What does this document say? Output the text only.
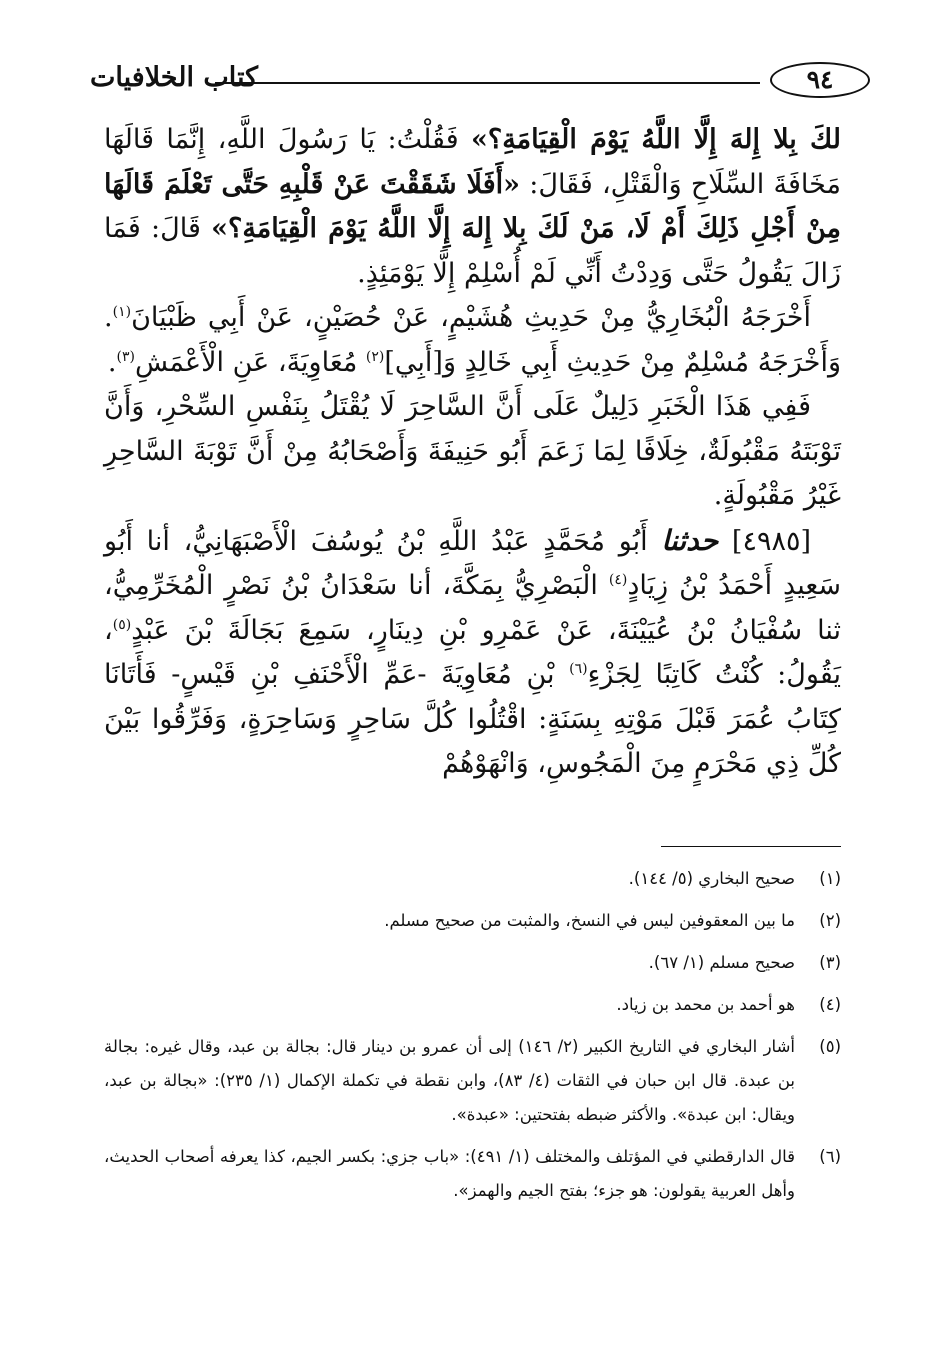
كتاب الخلافيات	٩٤

لكَ بِلا إِلهَ إِلَّا اللَّهُ يَوْمَ الْقِيَامَةِ؟» فَقُلْتُ: يَا رَسُولَ اللَّهِ، إِنَّمَا قَالَهَا مَخَافَةَ السِّلَاحِ وَالْقَتْلِ، فَقَالَ: «أَفَلَا شَقَقْتَ عَنْ قَلْبِهِ حَتَّى تَعْلَمَ قَالَهَا مِنْ أَجْلِ ذَلِكَ أَمْ لَا، مَنْ لَكَ بِلا إِلهَ إِلَّا اللَّهُ يَوْمَ الْقِيَامَةِ؟» قَالَ: فَمَا زَالَ يَقُولُ حَتَّى وَدِدْتُ أَنِّي لَمْ أُسْلِمْ إِلَّا يَوْمَئِذٍ.

أَخْرَجَهُ الْبُخَارِيُّ مِنْ حَدِيثِ هُشَيْمٍ، عَنْ حُصَيْنٍ، عَنْ أَبِي ظَبْيَانَ$^{(١)}$. وَأَخْرَجَهُ مُسْلِمٌ مِنْ حَدِيثِ أَبِي خَالِدٍ وَ[أَبِي]$^{(٢)}$ مُعَاوِيَةَ، عَنِ الْأَعْمَشِ$^{(٣)}$.

فَفِي هَذَا الْخَبَرِ دَلِيلٌ عَلَى أَنَّ السَّاحِرَ لَا يُقْتَلُ بِنَفْسِ السِّحْرِ، وَأَنَّ تَوْبَتَهُ مَقْبُولَةٌ، خِلَافًا لِمَا زَعَمَ أَبُو حَنِيفَةَ وَأَصْحَابُهُ مِنْ أَنَّ تَوْبَةَ السَّاحِرِ غَيْرُ مَقْبُولَةٍ.

[٤٩٨٥] حدثنا أَبُو مُحَمَّدٍ عَبْدُ اللَّهِ بْنُ يُوسُفَ الْأَصْبَهَانِيُّ، أنا أَبُو سَعِيدٍ أَحْمَدُ بْنُ زِيَادٍ$^{(٤)}$ الْبَصْرِيُّ بِمَكَّةَ، أنا سَعْدَانُ بْنُ نَصْرٍ الْمُخَرِّمِيُّ، ثنا سُفْيَانُ بْنُ عُيَيْنَةَ، عَنْ عَمْرِو بْنِ دِينَارٍ، سَمِعَ بَجَالَةَ بْنَ عَبْدٍ$^{(٥)}$، يَقُولُ: كُنْتُ كَاتِبًا لِجَزْءِ$^{(٦)}$ بْنِ مُعَاوِيَةَ -عَمِّ الْأَحْنَفِ بْنِ قَيْسٍ- فَأَتَانَا كِتَابُ عُمَرَ قَبْلَ مَوْتِهِ بِسَنَةٍ: اقْتُلُوا كُلَّ سَاحِرٍ وَسَاحِرَةٍ، وَفَرِّقُوا بَيْنَ كُلِّ ذِي مَحْرَمٍ مِنَ الْمَجُوسِ، وَانْهَوْهُمْ

(١)
صحيح البخاري (٥/ ١٤٤).
(٢)
ما بين المعقوفين ليس في النسخ، والمثبت من صحيح مسلم.
(٣)
صحيح مسلم (١/ ٦٧).
(٤)
هو أحمد بن محمد بن زياد.
(٥)
أشار البخاري في التاريخ الكبير (٢/ ١٤٦) إلى أن عمرو بن دينار قال: بجالة بن عبد، وقال غيره: بجالة بن عبدة. قال ابن حبان في الثقات (٤/ ٨٣)، وابن نقطة في تكملة الإكمال (١/ ٢٣٥): «بجالة بن عبد، ويقال: ابن عبدة». والأكثر ضبطه بفتحتين: «عبدة».
(٦)
قال الدارقطني في المؤتلف والمختلف (١/ ٤٩١): «باب جزي: بكسر الجيم، كذا يعرفه أصحاب الحديث، وأهل العربية يقولون: هو جزء؛ بفتح الجيم والهمز».
